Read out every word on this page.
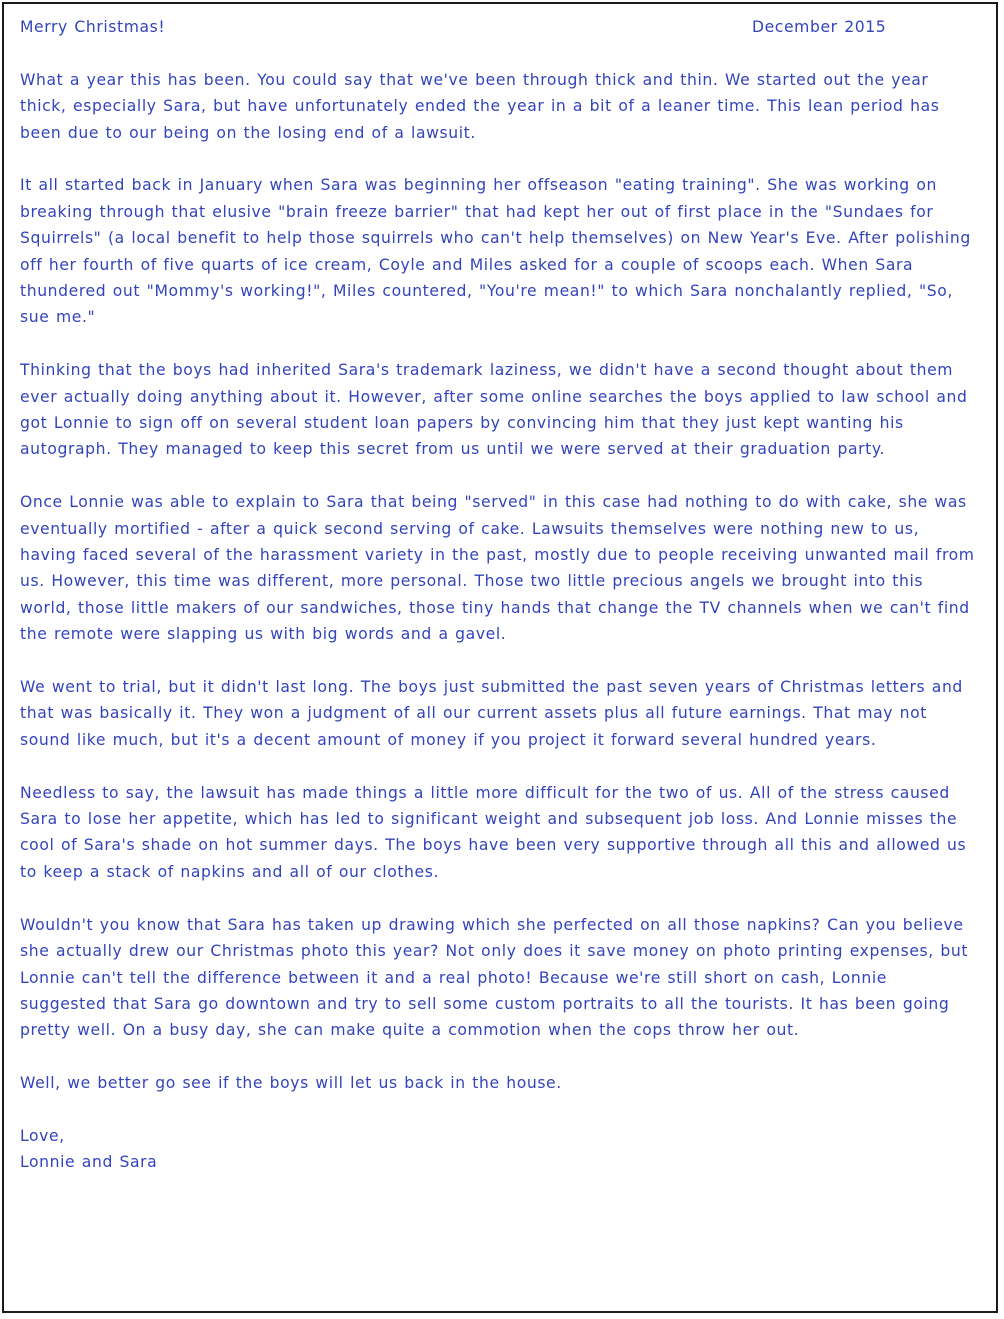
Merry Christmas!	December 2015

What a year this has been. You could say that we've been through thick and thin. We started out the year thick, especially Sara, but have unfortunately ended the year in a bit of a leaner time. This lean period has been due to our being on the losing end of a lawsuit.

It all started back in January when Sara was beginning her offseason "eating training". She was working on breaking through that elusive "brain freeze barrier" that had kept her out of first place in the "Sundaes for Squirrels" (a local benefit to help those squirrels who can't help themselves) on New Year's Eve. After polishing off her fourth of five quarts of ice cream, Coyle and Miles asked for a couple of scoops each. When Sara thundered out "Mommy's working!", Miles countered, "You're mean!" to which Sara nonchalantly replied, "So, sue me."

Thinking that the boys had inherited Sara's trademark laziness, we didn't have a second thought about them ever actually doing anything about it. However, after some online searches the boys applied to law school and got Lonnie to sign off on several student loan papers by convincing him that they just kept wanting his autograph. They managed to keep this secret from us until we were served at their graduation party.

Once Lonnie was able to explain to Sara that being "served" in this case had nothing to do with cake, she was eventually mortified - after a quick second serving of cake. Lawsuits themselves were nothing new to us, having faced several of the harassment variety in the past, mostly due to people receiving unwanted mail from us. However, this time was different, more personal. Those two little precious angels we brought into this world, those little makers of our sandwiches, those tiny hands that change the TV channels when we can't find the remote were slapping us with big words and a gavel.

We went to trial, but it didn't last long. The boys just submitted the past seven years of Christmas letters and that was basically it. They won a judgment of all our current assets plus all future earnings. That may not sound like much, but it's a decent amount of money if you project it forward several hundred years.

Needless to say, the lawsuit has made things a little more difficult for the two of us. All of the stress caused Sara to lose her appetite, which has led to significant weight and subsequent job loss. And Lonnie misses the cool of Sara's shade on hot summer days. The boys have been very supportive through all this and allowed us to keep a stack of napkins and all of our clothes.

Wouldn't you know that Sara has taken up drawing which she perfected on all those napkins? Can you believe she actually drew our Christmas photo this year? Not only does it save money on photo printing expenses, but Lonnie can't tell the difference between it and a real photo! Because we're still short on cash, Lonnie suggested that Sara go downtown and try to sell some custom portraits to all the tourists. It has been going pretty well. On a busy day, she can make quite a commotion when the cops throw her out.

Well, we better go see if the boys will let us back in the house.

Love,

Lonnie and Sara
